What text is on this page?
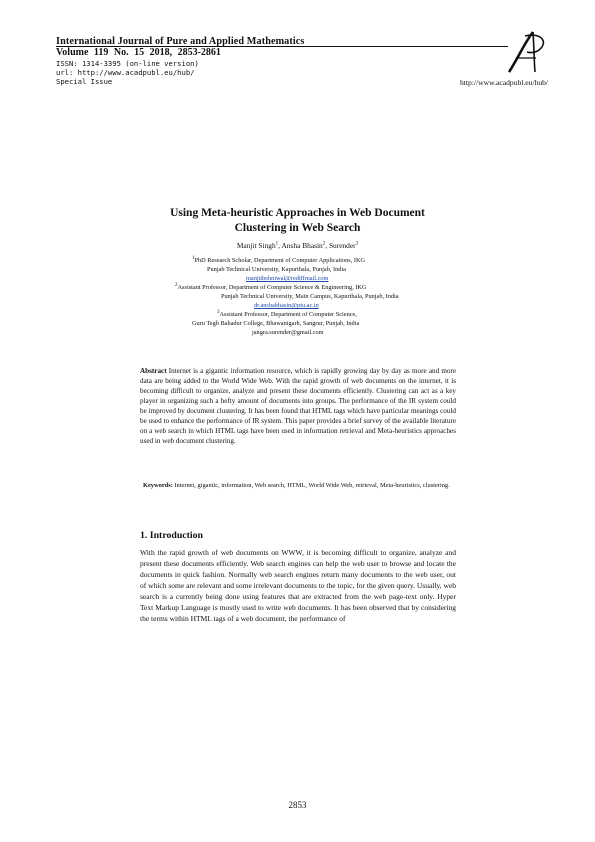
International Journal of Pure and Applied Mathematics
Volume 119 No. 15 2018, 2853-2861
ISSN: 1314-3395 (on-line version)
url: http://www.acadpubl.eu/hub/
Special Issue	http://www.acadpubl.eu/hub/
Using Meta-heuristic Approaches in Web Document
Clustering in Web Search
Manjit Singh$^1$, Ansha Bhasin$^2$, Surender$^3$
$^1$PhD Research Scholar, Department of Computer Applications, IKG
Punjab Technical University, Kapurthala, Punjab, India
manjitbehniwal@rediffmail.com
$^2$Assistant Professor, Department of Computer Science & Engineering, IKG
Punjab Technical University, Main Campus, Kapurthala, Punjab, India
dr.anshabhasin@ptu.ac.in
$^3$Assistant Professor, Department of Computer Science,
Guru Tegh Bahadur College, Bhawanigarh, Sangrur, Punjab, India
jangra.surender@gmail.com
Abstract Internet is a gigantic information resource, which is rapidly growing day by day as more and more data are being added to the World Wide Web. With the rapid growth of web documents on the internet, it is becoming difficult to organize, analyze and present these documents efficiently. Clustering can act as a key player in organizing such a hefty amount of documents into groups. The performance of the IR system could be improved by document clustering. It has been found that HTML tags which have particular meanings could be used to enhance the performance of IR system. This paper provides a brief survey of the available literature on a web search in which HTML tags have been used in information retrieval and Meta-heuristics approaches used in web document clustering.
Keywords: Internet, gigantic, information, Web search, HTML, World Wide Web, retrieval, Meta-heuristics, clustering.
1. Introduction
With the rapid growth of web documents on WWW, it is becoming difficult to organize, analyze and present these documents efficiently. Web search engines can help the web user to browse and locate the documents in quick fashion. Normally web search engines return many documents to the web user, out of which some are relevant and some irrelevant documents to the topic, for the given query. Usually, web search is a currently being done using features that are extracted from the web page-text only. Hyper Text Markup Language is mostly used to write web documents. It has been observed that by considering the terms within HTML tags of a web document, the performance of
2853
